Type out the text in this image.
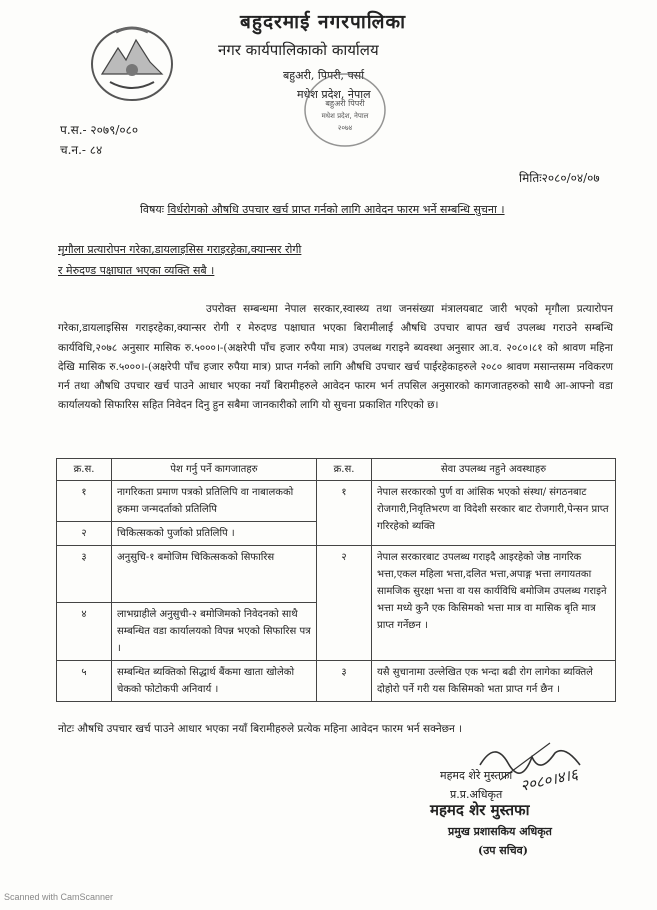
बहुदरमाई नगरपालिका
नगर कार्यपालिकाको कार्यालय
बहुअरी, पिपरी, पर्सा
मधेश प्रदेश, नेपाल
बहुअरी पिपरी
मधेश प्रदेश, नेपाल
२०७४
प.स.- २०७९/०८०
च.न.- ८४
मितिः२०८०/०४/०७
विषयः विर्धरोगको औषधि उपचार खर्च प्राप्त गर्नको लागि आवेदन फारम भर्ने सम्बन्धि सुचना ।
मृगौला प्रत्यारोपन गरेका,डायलाइसिस गराइरहेका,क्यान्सर रोगी
र मेरुदण्ड पक्षाघात भएका व्यक्ति सबै ।
उपरोक्त सम्बन्धमा नेपाल सरकार,स्वास्थ्य तथा जनसंख्या मंत्रालयबाट जारी भएको मृगौला प्रत्यारोपन गरेका,डायलाइसिस गराइरहेका,क्यान्सर रोगी र मेरुदण्ड पक्षाघात भएका बिरामीलाई औषधि उपचार बापत खर्च उपलब्ध गराउने सम्बन्धि कार्यविधि,२०७८ अनुसार मासिक रु.५०००।-(अक्षरेपी पाँच हजार रुपैया मात्र) उपलब्ध गराइने ब्यवस्था अनुसार आ.व. २०८०।८१ को श्रावण महिना देखि मासिक रु.५०००।-(अक्षरेपी पाँच हजार रुपैया मात्र) प्राप्त गर्नको लागि औषधि उपचार खर्च पाईरहेकाहरुले २०८० श्रावण मसान्तसम्म नविकरण गर्न तथा औषधि उपचार खर्च पाउने आधार भएका नयाँ बिरामीहरुले आवेदन फारम भर्न तपसिल अनुसारको कागजातहरुको साथै आ-आफ्नो वडा कार्यालयको सिफारिस सहित निवेदन दिनु हुन सबैमा जानकारीको लागि यो सुचना प्रकाशित गरिएको छ।
क्र.स.	पेश गर्नु पर्ने कागजातहरु	क्र.स.	सेवा उपलब्ध नहुने अवस्थाहरु
१	नागरिकता प्रमाण पत्रको प्रतिलिपि वा नाबालकको हकमा जन्मदर्ताको प्रतिलिपि	१	नेपाल सरकारको पुर्ण वा आंसिक भएको संस्था/ संगठनबाट रोजगारी,निवृतिभरण वा विदेशी सरकार बाट रोजगारी,पेन्सन प्राप्त गरिरहेको ब्यक्ति
२	चिकित्सकको पुर्जाको प्रतिलिपि ।		
३	अनुसुचि-१ बमोजिम चिकित्सकको सिफारिस	२	नेपाल सरकारबाट उपलब्ध गराइदै आइरहेको जेष्ठ नागरिक भत्ता,एकल महिला भत्ता,दलित भत्ता,अपाङ्ग भत्ता लगायतका सामजिक सुरक्षा भत्ता वा यस कार्यविधि बमोजिम उपलब्ध गराइने भत्ता मध्ये कुनै एक किसिमको भत्ता मात्र वा मासिक बृति मात्र प्राप्त गर्नेछन ।
४	लाभग्राहीले अनुसुची-२ बमोजिमको निवेदनको साथै सम्बन्धित वडा कार्यालयको विपन्न भएको सिफारिस पत्र ।		
५	सम्बन्धित ब्यक्तिको सिद्धार्थ बैंकमा खाता खोलेको चेकको फोटोकपी अनिवार्य ।	३	यसै सुचानामा उल्लेखित एक भन्दा बढी रोग लागेका ब्यक्तिले दोहोरो पर्ने गरी यस किसिमको भता प्राप्त गर्न छैन ।
नोटः औषधि उपचार खर्च पाउने आधार भएका नयाँ बिरामीहरुले प्रत्येक महिना आवेदन फारम भर्न सक्नेछन ।
२०८०।४।६
महमद शेरे मुस्तफा
प्र.प्र.अधिकृत
महमद शेर मुस्तफा
प्रमुख प्रशासकिय अधिकृत
(उप सचिव)
Scanned with CamScanner
